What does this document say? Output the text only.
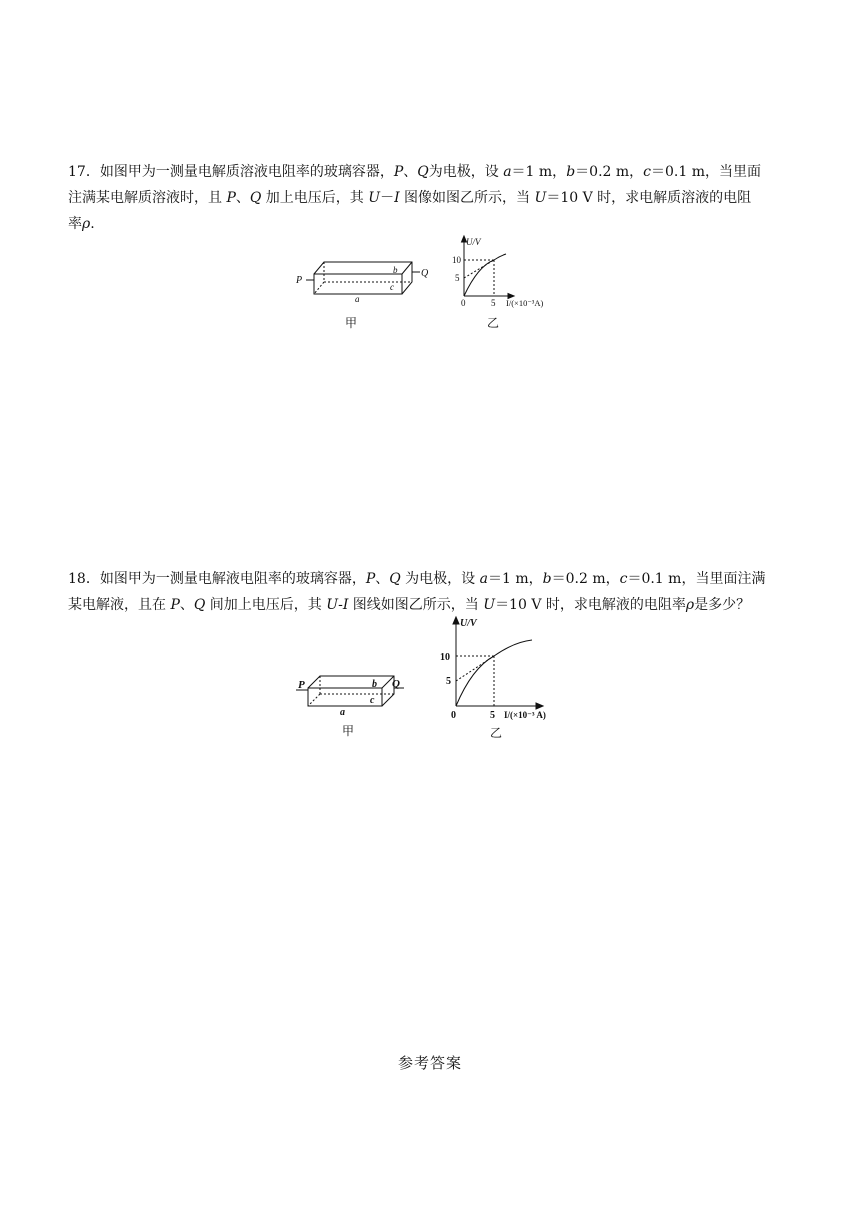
17．如图甲为一测量电解质溶液电阻率的玻璃容器，P、Q为电极，设 a＝1 m，b＝0.2 m，c＝0.1 m，当里面
注满某电解质溶液时，且 P、Q 加上电压后，其 U－I 图像如图乙所示，当 U＝10 V 时，求电解质溶液的电阻
率ρ.
P
Q
a
b
c
甲
U/V
10
5
0	5 I/(×10⁻³A)
乙
18．如图甲为一测量电解液电阻率的玻璃容器，P、Q 为电极，设 a＝1 m，b＝0.2 m，c＝0.1 m，当里面注满
某电解液，且在 P、Q 间加上电压后，其 U-I 图线如图乙所示，当 U＝10 V 时，求电解液的电阻率ρ是多少？
P	Q
a
b
c
甲
U/V
10
5
0	5 I/(×10⁻³ A)
乙
参考答案
